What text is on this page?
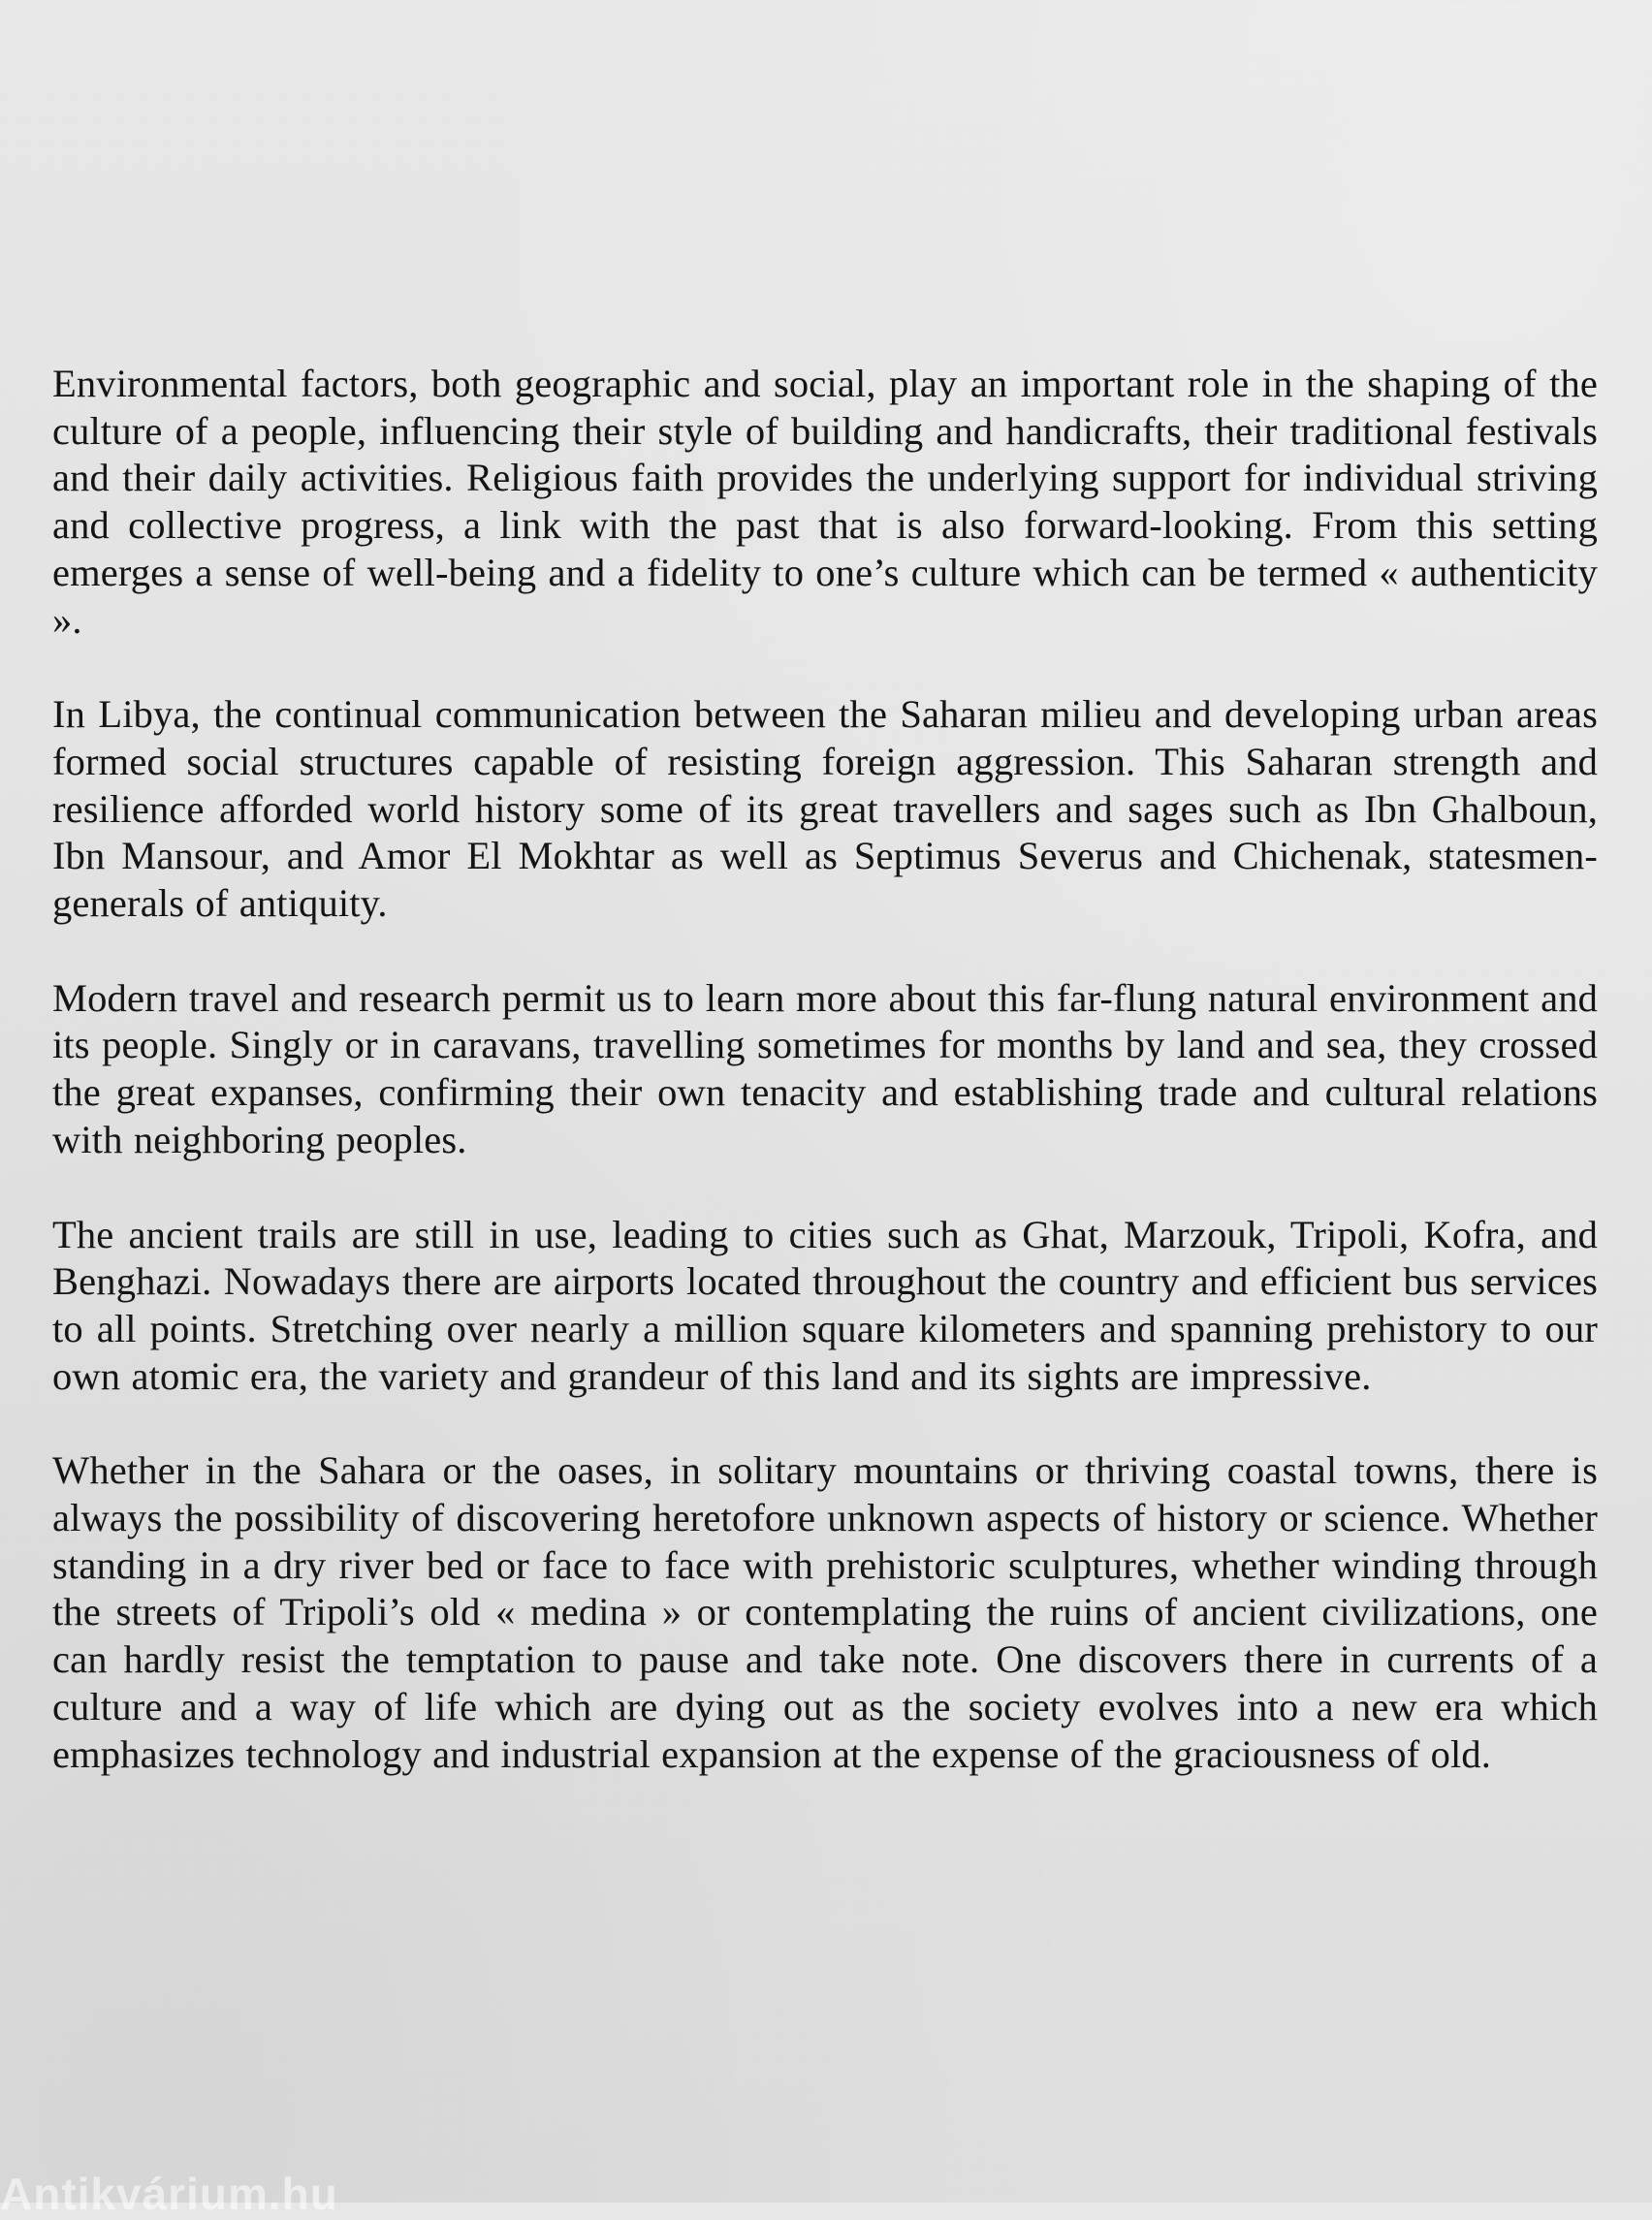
Environmental factors, both geographic and social, play an important role in the shaping of the culture of a people, influencing their style of building and handicrafts, their traditional festivals and their daily activities. Religious faith provides the underlying support for individual striving and collective progress, a link with the past that is also forward-looking. From this setting emerges a sense of well-being and a fidelity to one’s culture which can be termed « authenticity ».

In Libya, the continual communication between the Saharan milieu and developing urban areas formed social structures capable of resisting foreign aggression. This Saharan strength and resilience afforded world history some of its great travellers and sages such as Ibn Ghalboun, Ibn Mansour, and Amor El Mokhtar as well as Septimus Severus and Chichenak, statesmen-generals of antiquity.

Modern travel and research permit us to learn more about this far-flung natural environment and its people. Singly or in caravans, travelling sometimes for months by land and sea, they crossed the great expanses, confirming their own tenacity and establishing trade and cultural relations with neighboring peoples.

The ancient trails are still in use, leading to cities such as Ghat, Marzouk, Tripoli, Kofra, and Benghazi. Nowadays there are airports located throughout the country and efficient bus services to all points. Stretching over nearly a million square kilometers and spanning prehistory to our own atomic era, the variety and grandeur of this land and its sights are impressive.

Whether in the Sahara or the oases, in solitary mountains or thriving coastal towns, there is always the possibility of discovering heretofore unknown aspects of history or science. Whether standing in a dry river bed or face to face with prehistoric sculptures, whether winding through the streets of Tripoli’s old « medina » or contemplating the ruins of ancient civilizations, one can hardly resist the temptation to pause and take note. One discovers there in currents of a culture and a way of life which are dying out as the society evolves into a new era which emphasizes technology and industrial expansion at the expense of the graciousness of old.

Antikvárium.hu
